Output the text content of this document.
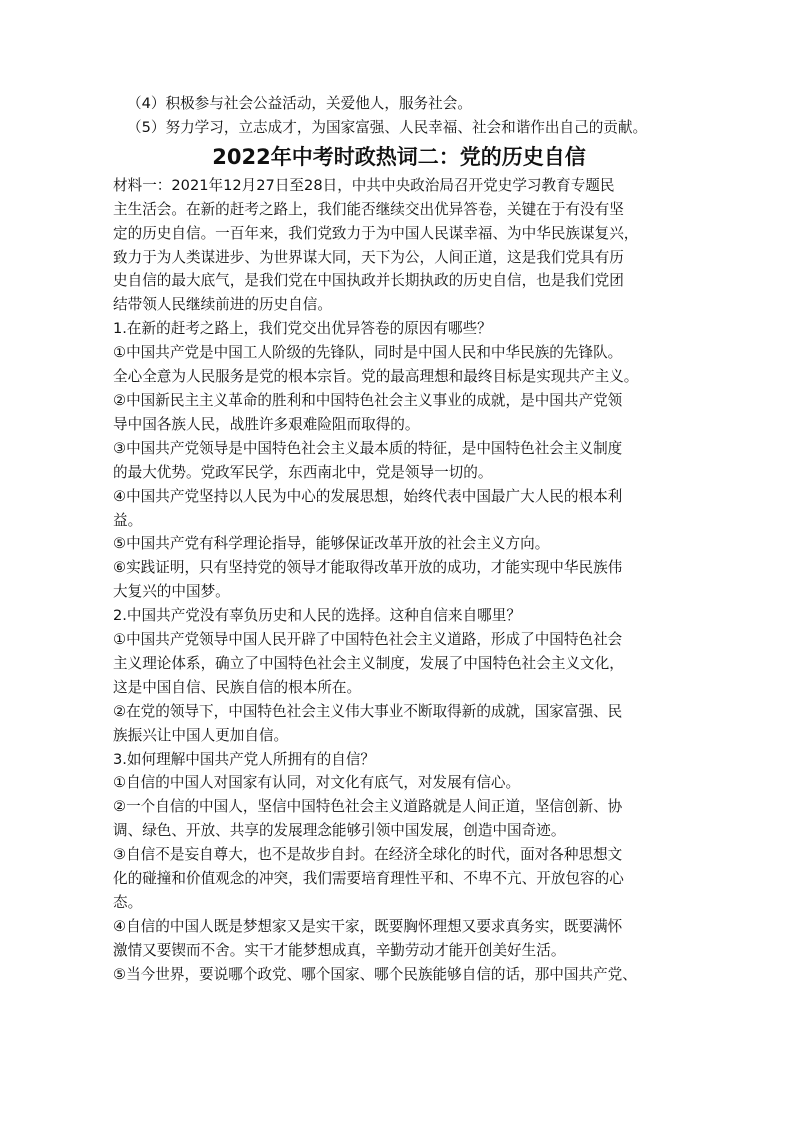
（4）积极参与社会公益活动，关爱他人，服务社会。
（5）努力学习，立志成才，为国家富强、人民幸福、社会和谐作出自己的贡献。
2022年中考时政热词二：党的历史自信
材料一：2021年12月27日至28日，中共中央政治局召开党史学习教育专题民
主生活会。在新的赶考之路上，我们能否继续交出优异答卷，关键在于有没有坚
定的历史自信。一百年来，我们党致力于为中国人民谋幸福、为中华民族谋复兴，
致力于为人类谋进步、为世界谋大同，天下为公，人间正道，这是我们党具有历
史自信的最大底气，是我们党在中国执政并长期执政的历史自信，也是我们党团
结带领人民继续前进的历史自信。
1.在新的赶考之路上，我们党交出优异答卷的原因有哪些？
①中国共产党是中国工人阶级的先锋队，同时是中国人民和中华民族的先锋队。
全心全意为人民服务是党的根本宗旨。党的最高理想和最终目标是实现共产主义。
②中国新民主主义革命的胜利和中国特色社会主义事业的成就，是中国共产党领
导中国各族人民，战胜许多艰难险阻而取得的。
③中国共产党领导是中国特色社会主义最本质的特征，是中国特色社会主义制度
的最大优势。党政军民学，东西南北中，党是领导一切的。
④中国共产党坚持以人民为中心的发展思想，始终代表中国最广大人民的根本利
益。
⑤中国共产党有科学理论指导，能够保证改革开放的社会主义方向。
⑥实践证明，只有坚持党的领导才能取得改革开放的成功，才能实现中华民族伟
大复兴的中国梦。
2.中国共产党没有辜负历史和人民的选择。这种自信来自哪里？
①中国共产党领导中国人民开辟了中国特色社会主义道路，形成了中国特色社会
主义理论体系，确立了中国特色社会主义制度，发展了中国特色社会主义文化，
这是中国自信、民族自信的根本所在。
②在党的领导下，中国特色社会主义伟大事业不断取得新的成就，国家富强、民
族振兴让中国人更加自信。
3.如何理解中国共产党人所拥有的自信？
①自信的中国人对国家有认同，对文化有底气，对发展有信心。
②一个自信的中国人，坚信中国特色社会主义道路就是人间正道，坚信创新、协
调、绿色、开放、共享的发展理念能够引领中国发展，创造中国奇迹。
③自信不是妄自尊大，也不是故步自封。在经济全球化的时代，面对各种思想文
化的碰撞和价值观念的冲突，我们需要培育理性平和、不卑不亢、开放包容的心
态。
④自信的中国人既是梦想家又是实干家，既要胸怀理想又要求真务实，既要满怀
激情又要锲而不舍。实干才能梦想成真，辛勤劳动才能开创美好生活。
⑤当今世界，要说哪个政党、哪个国家、哪个民族能够自信的话，那中国共产党、
